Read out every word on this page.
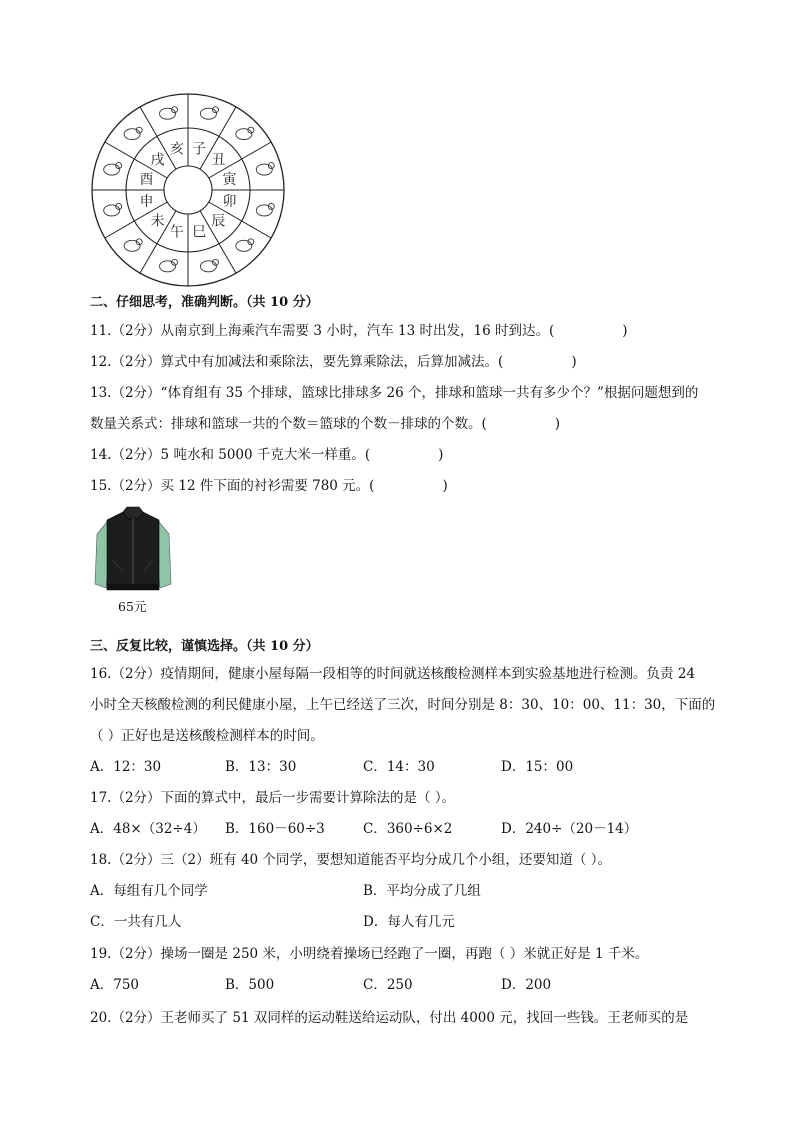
子
丑
寅
卯
辰
巳
午
未
申
酉
戌
亥
二、仔细思考，准确判断。（共 10 分）
11.（2分）从南京到上海乘汽车需要 3 小时，汽车 13 时出发，16 时到达。(	)
12.（2分）算式中有加减法和乘除法，要先算乘除法，后算加减法。(	)
13.（2分）“体育组有 35 个排球，篮球比排球多 26 个，排球和篮球一共有多少个？”根据问题想到的
数量关系式：排球和篮球一共的个数＝篮球的个数－排球的个数。(	)
14.（2分）5 吨水和 5000 千克大米一样重。(	)
15.（2分）买 12 件下面的衬衫需要 780 元。(	)
65元
三、反复比较，谨慎选择。（共 10 分）
16.（2分）疫情期间，健康小屋每隔一段相等的时间就送核酸检测样本到实验基地进行检测。负责 24
小时全天核酸检测的利民健康小屋，上午已经送了三次，时间分别是 8：30、10：00、11：30，下面的
（ ）正好也是送核酸检测样本的时间。
A．12：30	B．13：30	C．14：30	D．15：00
17.（2分）下面的算式中，最后一步需要计算除法的是（ ）。
A．48×（32÷4） B．160－60÷3	C．360÷6×2	D．240÷（20－14）
18.（2分）三（2）班有 40 个同学，要想知道能否平均分成几个小组，还要知道（ ）。
A．每组有几个同学	B．平均分成了几组
C．一共有几人	D．每人有几元
19.（2分）操场一圈是 250 米，小明绕着操场已经跑了一圈，再跑（ ）米就正好是 1 千米。
A．750	B．500	C．250	D．200
20.（2分）王老师买了 51 双同样的运动鞋送给运动队，付出 4000 元，找回一些钱。王老师买的是
